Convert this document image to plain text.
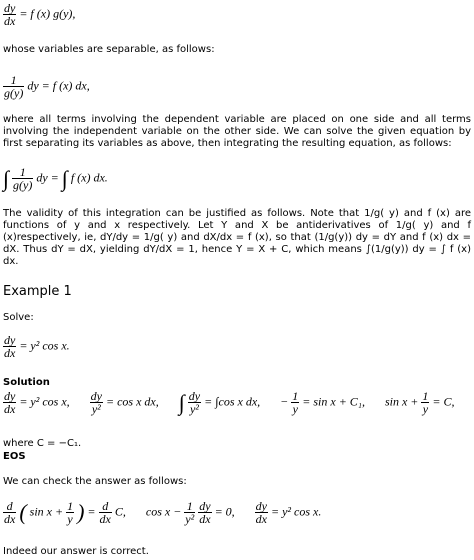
$\frac{dy}{dx} = f$ (x) g(y),
whose variables are separable, as follows:
$\frac{1}{g(y)}$ dy = f (x) dx,
where all terms involving the dependent variable are placed on one side and all terms involving the independent variable on the other side. We can solve the given equation by first separating its variables as above, then integrating the resulting equation, as follows:
∫ $\frac{1}{g(y)}$ dy = ∫ f (x) dx.
The validity of this integration can be justified as follows. Note that 1/g( y) and f (x) are functions of y and x respectively. Let Y and X be antiderivatives of 1/g( y) and f (x)respectively, ie, dY/dy = 1/g( y) and dX/dx = f (x), so that (1/g(y)) dy = dY and f (x) dx = dX. Thus dY = dX, yielding dY/dX = 1, hence Y = X + C, which means ∫(1/g(y)) dy = ∫ f (x) dx.
Example 1
Solve:
$\frac{dy}{dx} = y^2$ cos x.
Solution
$\frac{dy}{dx} = y^2$ cos x, $\frac{dy}{\text{y²}} = \cos x$ dx, ∫ $\frac{dy}{\text{y²}} = \int\cos$ x dx, − $\frac{1}{y} = \sin x + C_1$, $\sin x + \frac{1}{y} = C$,
where C = −C₁.
EOS
We can check the answer as follows:
$\frac{d}{dx}$ ( $\sin x + \frac{1}{y}$ ) = $\frac{d}{dx} C$, $\cos x - \frac{1}{\text{y²}}$
$\frac{dy}{dx} = 0$, $\frac{dy}{dx} = y^2$ cos x.
Indeed our answer is correct.
